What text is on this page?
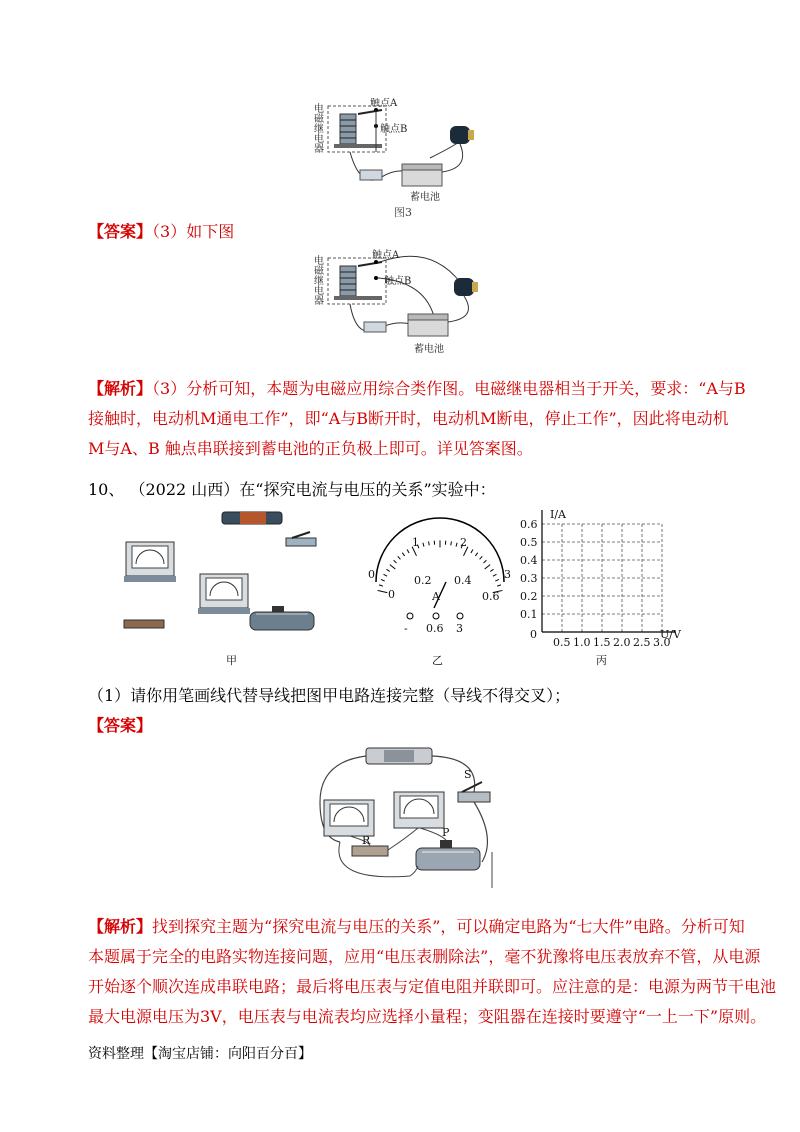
电
磁
继
电
器
触点A
触点B
蓄电池
图3
【答案】（3）如下图
电
磁
继
电
器
触点A
触点B
蓄电池
【解析】（3）分析可知，本题为电磁应用综合类作图。电磁继电器相当于开关，要求：“A与B
接触时，电动机M通电工作”，即“A与B断开时，电动机M断电，停止工作”，因此将电动机
M与A、B 触点串联接到蓄电池的正负极上即可。详见答案图。
10、 （2022 山西）在“探究电流与电压的关系”实验中：
甲
0
1	2
3
0
0.2 0.4
0.6
A
- 0.6 3
乙
0.1
0.5
0.2
1.0
0.3
1.5
0.4
2.0
0.5
2.5
0.6
3.0
I/A
U/V
0
丙
（1）请你用笔画线代替导线把图甲电路连接完整（导线不得交叉）；
【答案】
S
R
P
【解析】找到探究主题为“探究电流与电压的关系”，可以确定电路为“七大件”电路。分析可知
本题属于完全的电路实物连接问题，应用“电压表删除法”，毫不犹豫将电压表放弃不管，从电源
开始逐个顺次连成串联电路；最后将电压表与定值电阻并联即可。应注意的是：电源为两节干电池
最大电源电压为3V，电压表与电流表均应选择小量程；变阻器在连接时要遵守“一上一下”原则。
资料整理【淘宝店铺：向阳百分百】
